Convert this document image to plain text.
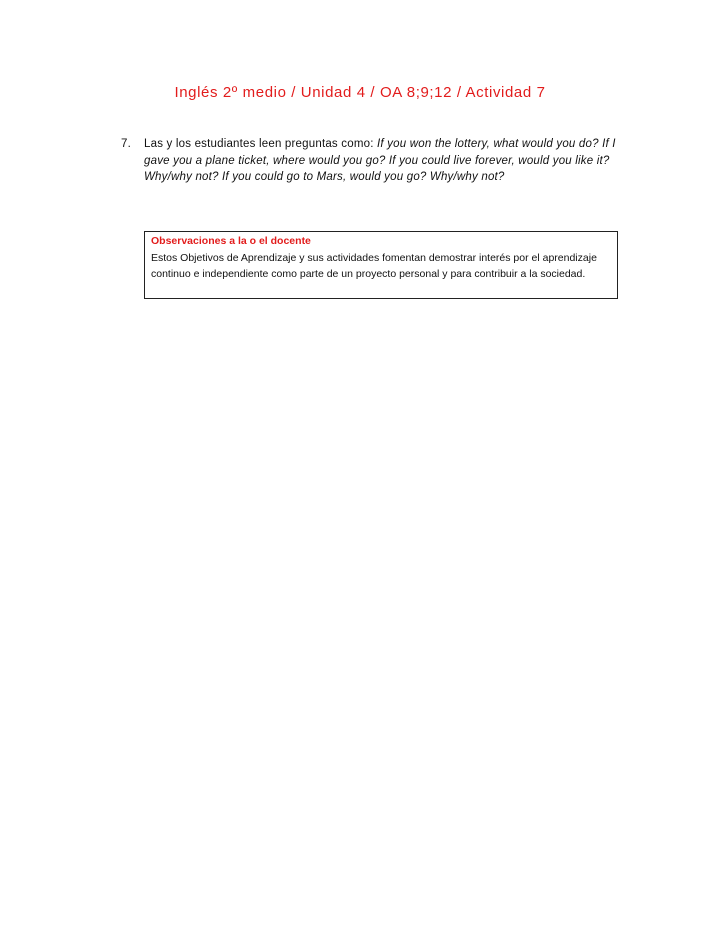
Inglés 2º medio / Unidad 4 / OA 8;9;12 / Actividad 7
7. Las y los estudiantes leen preguntas como: If you won the lottery, what would you do? If I gave you a plane ticket, where would you go? If you could live forever, would you like it? Why/why not? If you could go to Mars, would you go? Why/why not?
Observaciones a la o el docente
Estos Objetivos de Aprendizaje y sus actividades fomentan demostrar interés por el aprendizaje continuo e independiente como parte de un proyecto personal y para contribuir a la sociedad.
